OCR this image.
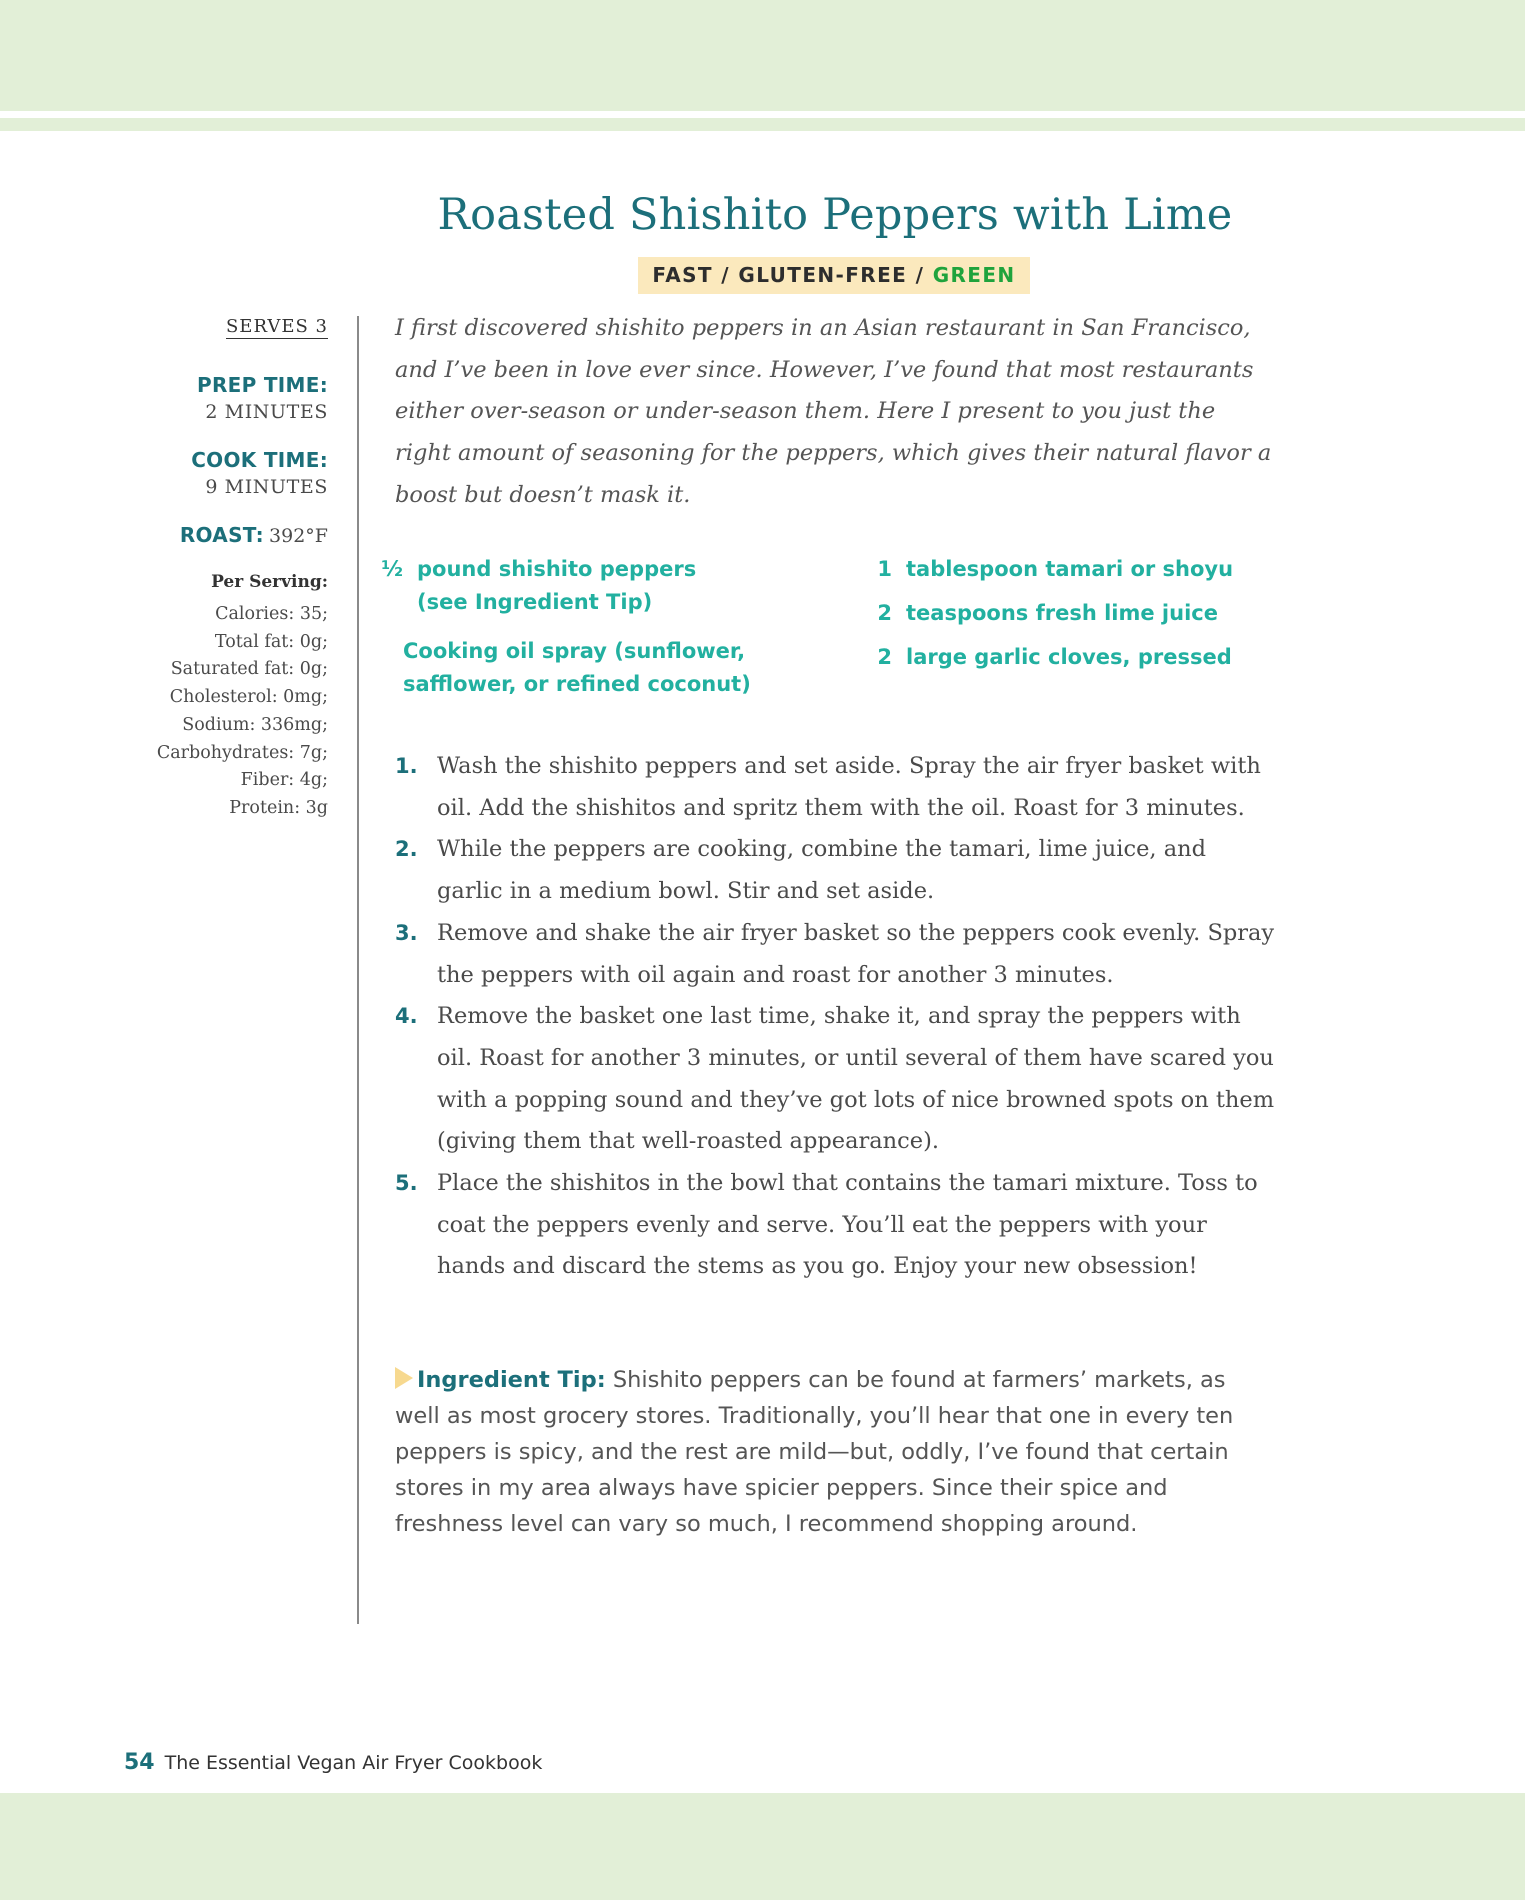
Roasted Shishito Peppers with Lime
FAST / GLUTEN-FREE / GREEN
SERVES 3
PREP TIME:
2 MINUTES
COOK TIME:
9 MINUTES
ROAST: 392°F
Per Serving:
Calories: 35;
Total fat: 0g;
Saturated fat: 0g;
Cholesterol: 0mg;
Sodium: 336mg;
Carbohydrates: 7g;
Fiber: 4g;
Protein: 3g

I first discovered shishito peppers in an Asian restaurant in San Francisco, and I’ve been in love ever since. However, I’ve found that most restaurants either over-season or under-season them. Here I present to you just the right amount of seasoning for the peppers, which gives their natural flavor a boost but doesn’t mask it.

½ pound shishito peppers
(see Ingredient Tip)
Cooking oil spray (sunflower,
safflower, or refined coconut)
1 tablespoon tamari or shoyu
2 teaspoons fresh lime juice
2 large garlic cloves, pressed
1. Wash the shishito peppers and set aside. Spray the air fryer basket with oil. Add the shishitos and spritz them with the oil. Roast for 3 minutes.
2. While the peppers are cooking, combine the tamari, lime juice, and garlic in a medium bowl. Stir and set aside.
3. Remove and shake the air fryer basket so the peppers cook evenly. Spray the peppers with oil again and roast for another 3 minutes.
4. Remove the basket one last time, shake it, and spray the peppers with oil. Roast for another 3 minutes, or until several of them have scared you with a popping sound and they’ve got lots of nice browned spots on them (giving them that well-roasted appearance).
5. Place the shishitos in the bowl that contains the tamari mixture. Toss to coat the peppers evenly and serve. You’ll eat the peppers with your hands and discard the stems as you go. Enjoy your new obsession!

Ingredient Tip: Shishito peppers can be found at farmers’ markets, as well as most grocery stores. Traditionally, you’ll hear that one in every ten peppers is spicy, and the rest are mild—but, oddly, I’ve found that certain stores in my area always have spicier peppers. Since their spice and freshness level can vary so much, I recommend shopping around.

54 The Essential Vegan Air Fryer Cookbook
